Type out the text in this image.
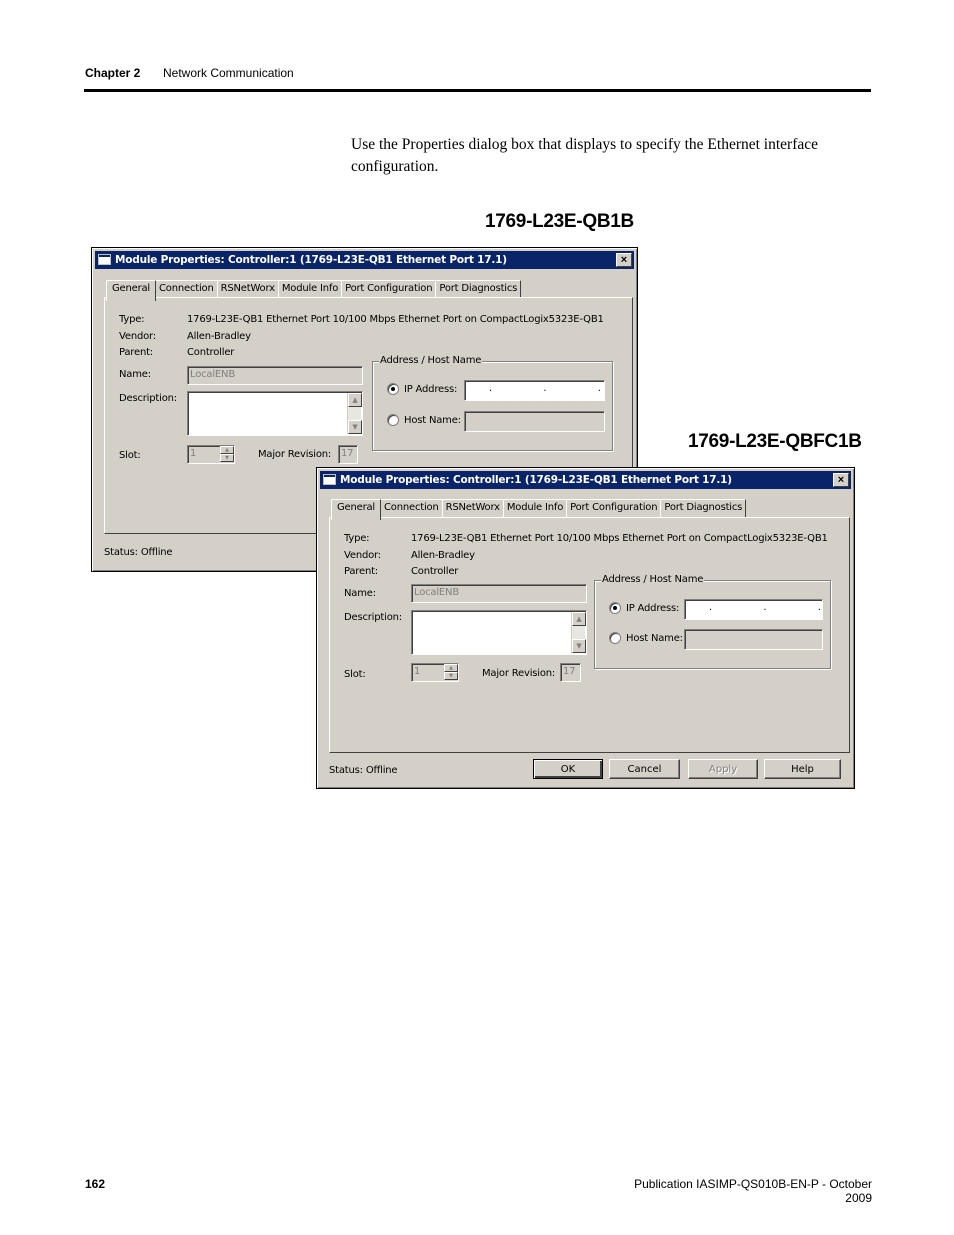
Chapter 2 Network Communication

Use the Properties dialog box that displays to specify the Ethernet interface configuration.

1769-L23E-QB1B
Module Properties: Controller:1 (1769-L23E-QB1 Ethernet Port 17.1)	×
General Connection RSNetWorx Module Info Port Configuration Port Diagnostics
Type:	1769-L23E-QB1 Ethernet Port 10/100 Mbps Ethernet Port on CompactLogix5323E-QB1
Vendor:	Allen-Bradley
Parent:	Controller
Name:	LocalENB
Description:	▲
▼
Slot:	1	▲
▼	Major Revision: 17
Address / Host Name
IP Address:	. . .
Host Name:
Status: Offline
1769-L23E-QBFC1B
Module Properties: Controller:1 (1769-L23E-QB1 Ethernet Port 17.1)	×
General Connection RSNetWorx Module Info Port Configuration Port Diagnostics
Type:	1769-L23E-QB1 Ethernet Port 10/100 Mbps Ethernet Port on CompactLogix5323E-QB1
Vendor:	Allen-Bradley
Parent:	Controller
Name:	LocalENB
Description:	▲
▼
Slot:	1	▲
▼	Major Revision: 17
Address / Host Name
IP Address:	. . .
Host Name:
Status: Offline	OK	Cancel	Apply	Help
162	Publication IASIMP-QS010B-EN-P - October 2009
